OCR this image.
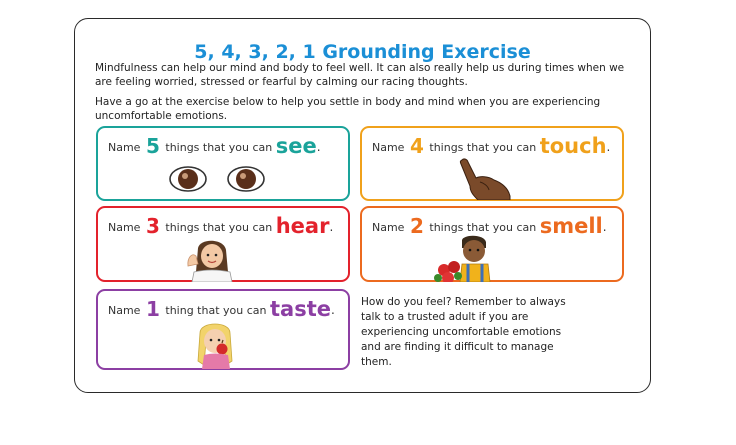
5, 4, 3, 2, 1 Grounding Exercise

Mindfulness can help our mind and body to feel well. It can also really help us during times when we are feeling worried, stressed or fearful by calming our racing thoughts.

Have a go at the exercise below to help you settle in body and mind when you are experiencing uncomfortable emotions.

Name 5 things that you can see.	Name 4 things that you can touch.
Name 3 things that you can hear.	Name 2 things that you can smell.
Name 1 thing that you can taste.

How do you feel? Remember to always talk to a trusted adult if you are experiencing uncomfortable emotions and are finding it difficult to manage them.
